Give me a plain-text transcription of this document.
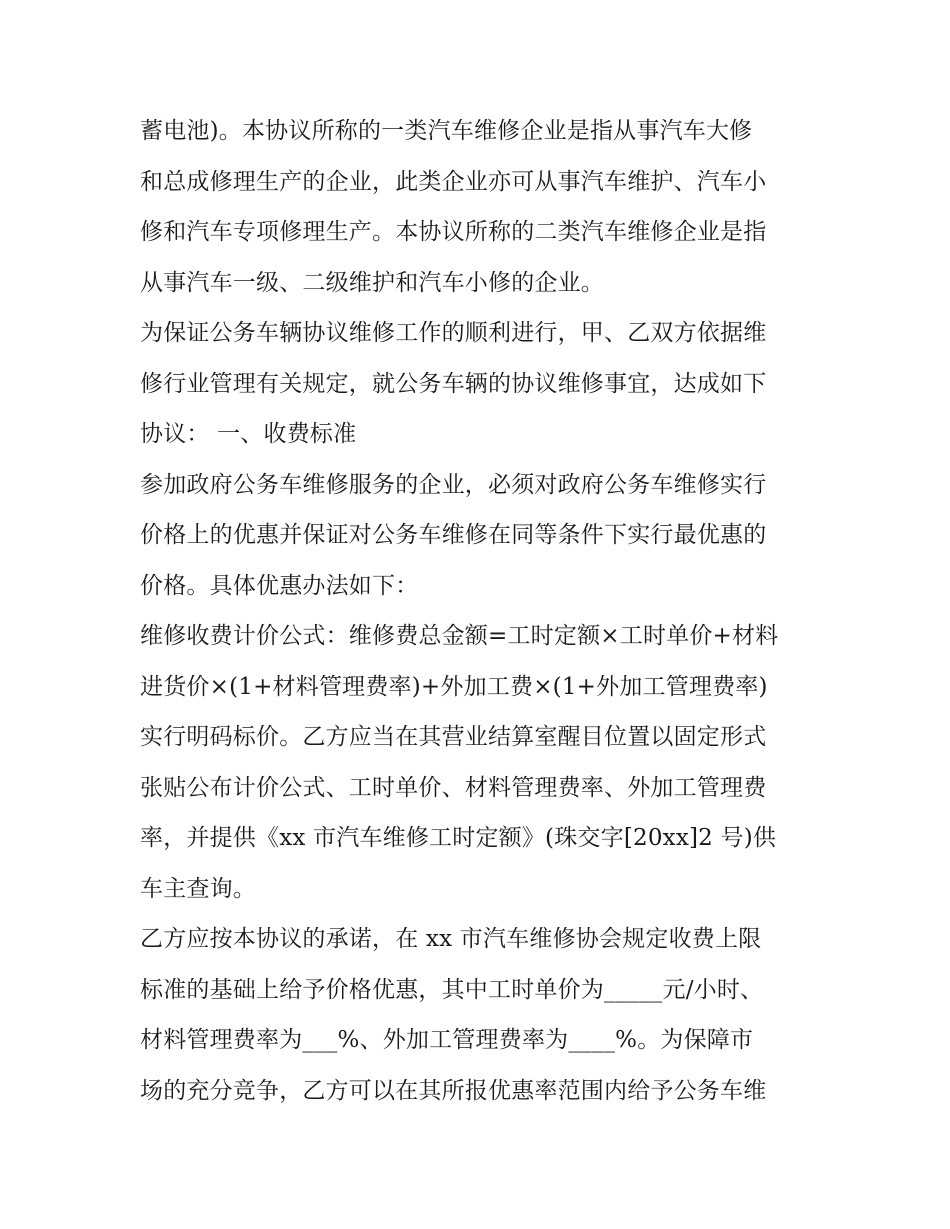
蓄电池)。本协议所称的一类汽车维修企业是指从事汽车大修
和总成修理生产的企业，此类企业亦可从事汽车维护、汽车小
修和汽车专项修理生产。本协议所称的二类汽车维修企业是指
从事汽车一级、二级维护和汽车小修的企业。
为保证公务车辆协议维修工作的顺利进行，甲、乙双方依据维
修行业管理有关规定，就公务车辆的协议维修事宜，达成如下
协议： 一、收费标准
参加政府公务车维修服务的企业，必须对政府公务车维修实行
价格上的优惠并保证对公务车维修在同等条件下实行最优惠的
价格。具体优惠办法如下：
维修收费计价公式：维修费总金额=工时定额×工时单价+材料
进货价×(1+材料管理费率)+外加工费×(1+外加工管理费率)
实行明码标价。乙方应当在其营业结算室醒目位置以固定形式
张贴公布计价公式、工时单价、材料管理费率、外加工管理费
率，并提供《xx 市汽车维修工时定额》(珠交字[20xx]2 号)供
车主查询。
乙方应按本协议的承诺，在 xx 市汽车维修协会规定收费上限
标准的基础上给予价格优惠，其中工时单价为_____元/小时、
材料管理费率为___%、外加工管理费率为____%。为保障市
场的充分竞争，乙方可以在其所报优惠率范围内给予公务车维
